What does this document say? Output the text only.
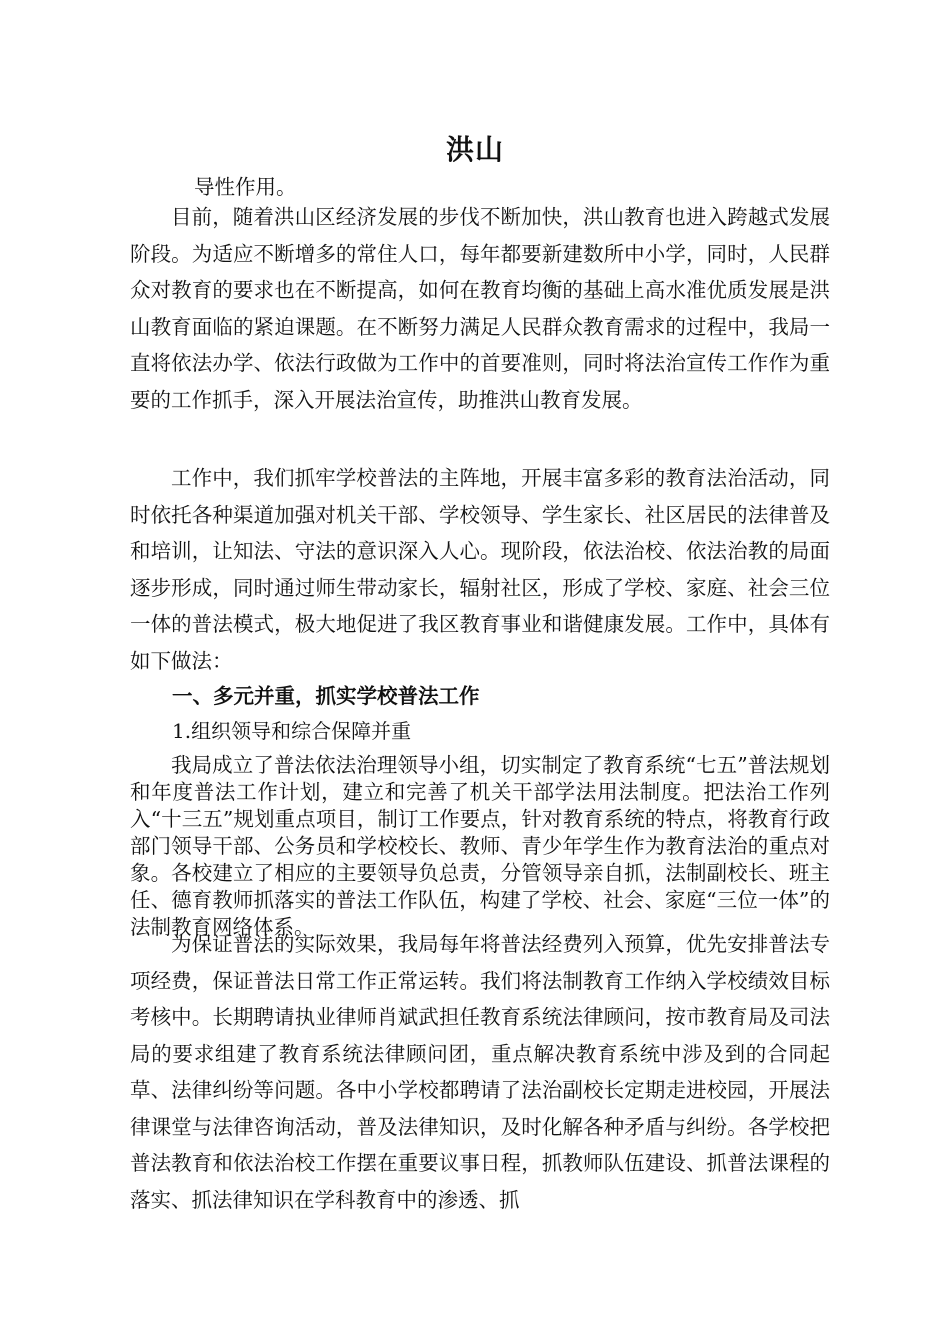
洪山

导性作用。

目前，随着洪山区经济发展的步伐不断加快，洪山教育也进入跨越式发展阶段。为适应不断增多的常住人口，每年都要新建数所中小学，同时，人民群众对教育的要求也在不断提高，如何在教育均衡的基础上高水准优质发展是洪山教育面临的紧迫课题。在不断努力满足人民群众教育需求的过程中，我局一直将依法办学、依法行政做为工作中的首要准则，同时将法治宣传工作作为重要的工作抓手，深入开展法治宣传，助推洪山教育发展。

工作中，我们抓牢学校普法的主阵地，开展丰富多彩的教育法治活动，同时依托各种渠道加强对机关干部、学校领导、学生家长、社区居民的法律普及和培训，让知法、守法的意识深入人心。现阶段，依法治校、依法治教的局面逐步形成，同时通过师生带动家长，辐射社区，形成了学校、家庭、社会三位一体的普法模式，极大地促进了我区教育事业和谐健康发展。工作中，具体有如下做法：

一、多元并重，抓实学校普法工作
1.组织领导和综合保障并重

我局成立了普法依法治理领导小组，切实制定了教育系统“七五”普法规划和年度普法工作计划，建立和完善了机关干部学法用法制度。把法治工作列入“十三五”规划重点项目，制订工作要点，针对教育系统的特点，将教育行政部门领导干部、公务员和学校校长、教师、青少年学生作为教育法治的重点对象。各校建立了相应的主要领导负总责，分管领导亲自抓，法制副校长、班主任、德育教师抓落实的普法工作队伍，构建了学校、社会、家庭“三位一体”的法制教育网络体系。

为保证普法的实际效果，我局每年将普法经费列入预算，优先安排普法专项经费，保证普法日常工作正常运转。我们将法制教育工作纳入学校绩效目标考核中。长期聘请执业律师肖斌武担任教育系统法律顾问，按市教育局及司法局的要求组建了教育系统法律顾问团，重点解决教育系统中涉及到的合同起草、法律纠纷等问题。各中小学校都聘请了法治副校长定期走进校园，开展法律课堂与法律咨询活动，普及法律知识，及时化解各种矛盾与纠纷。各学校把普法教育和依法治校工作摆在重要议事日程，抓教师队伍建设、抓普法课程的落实、抓法律知识在学科教育中的渗透、抓
